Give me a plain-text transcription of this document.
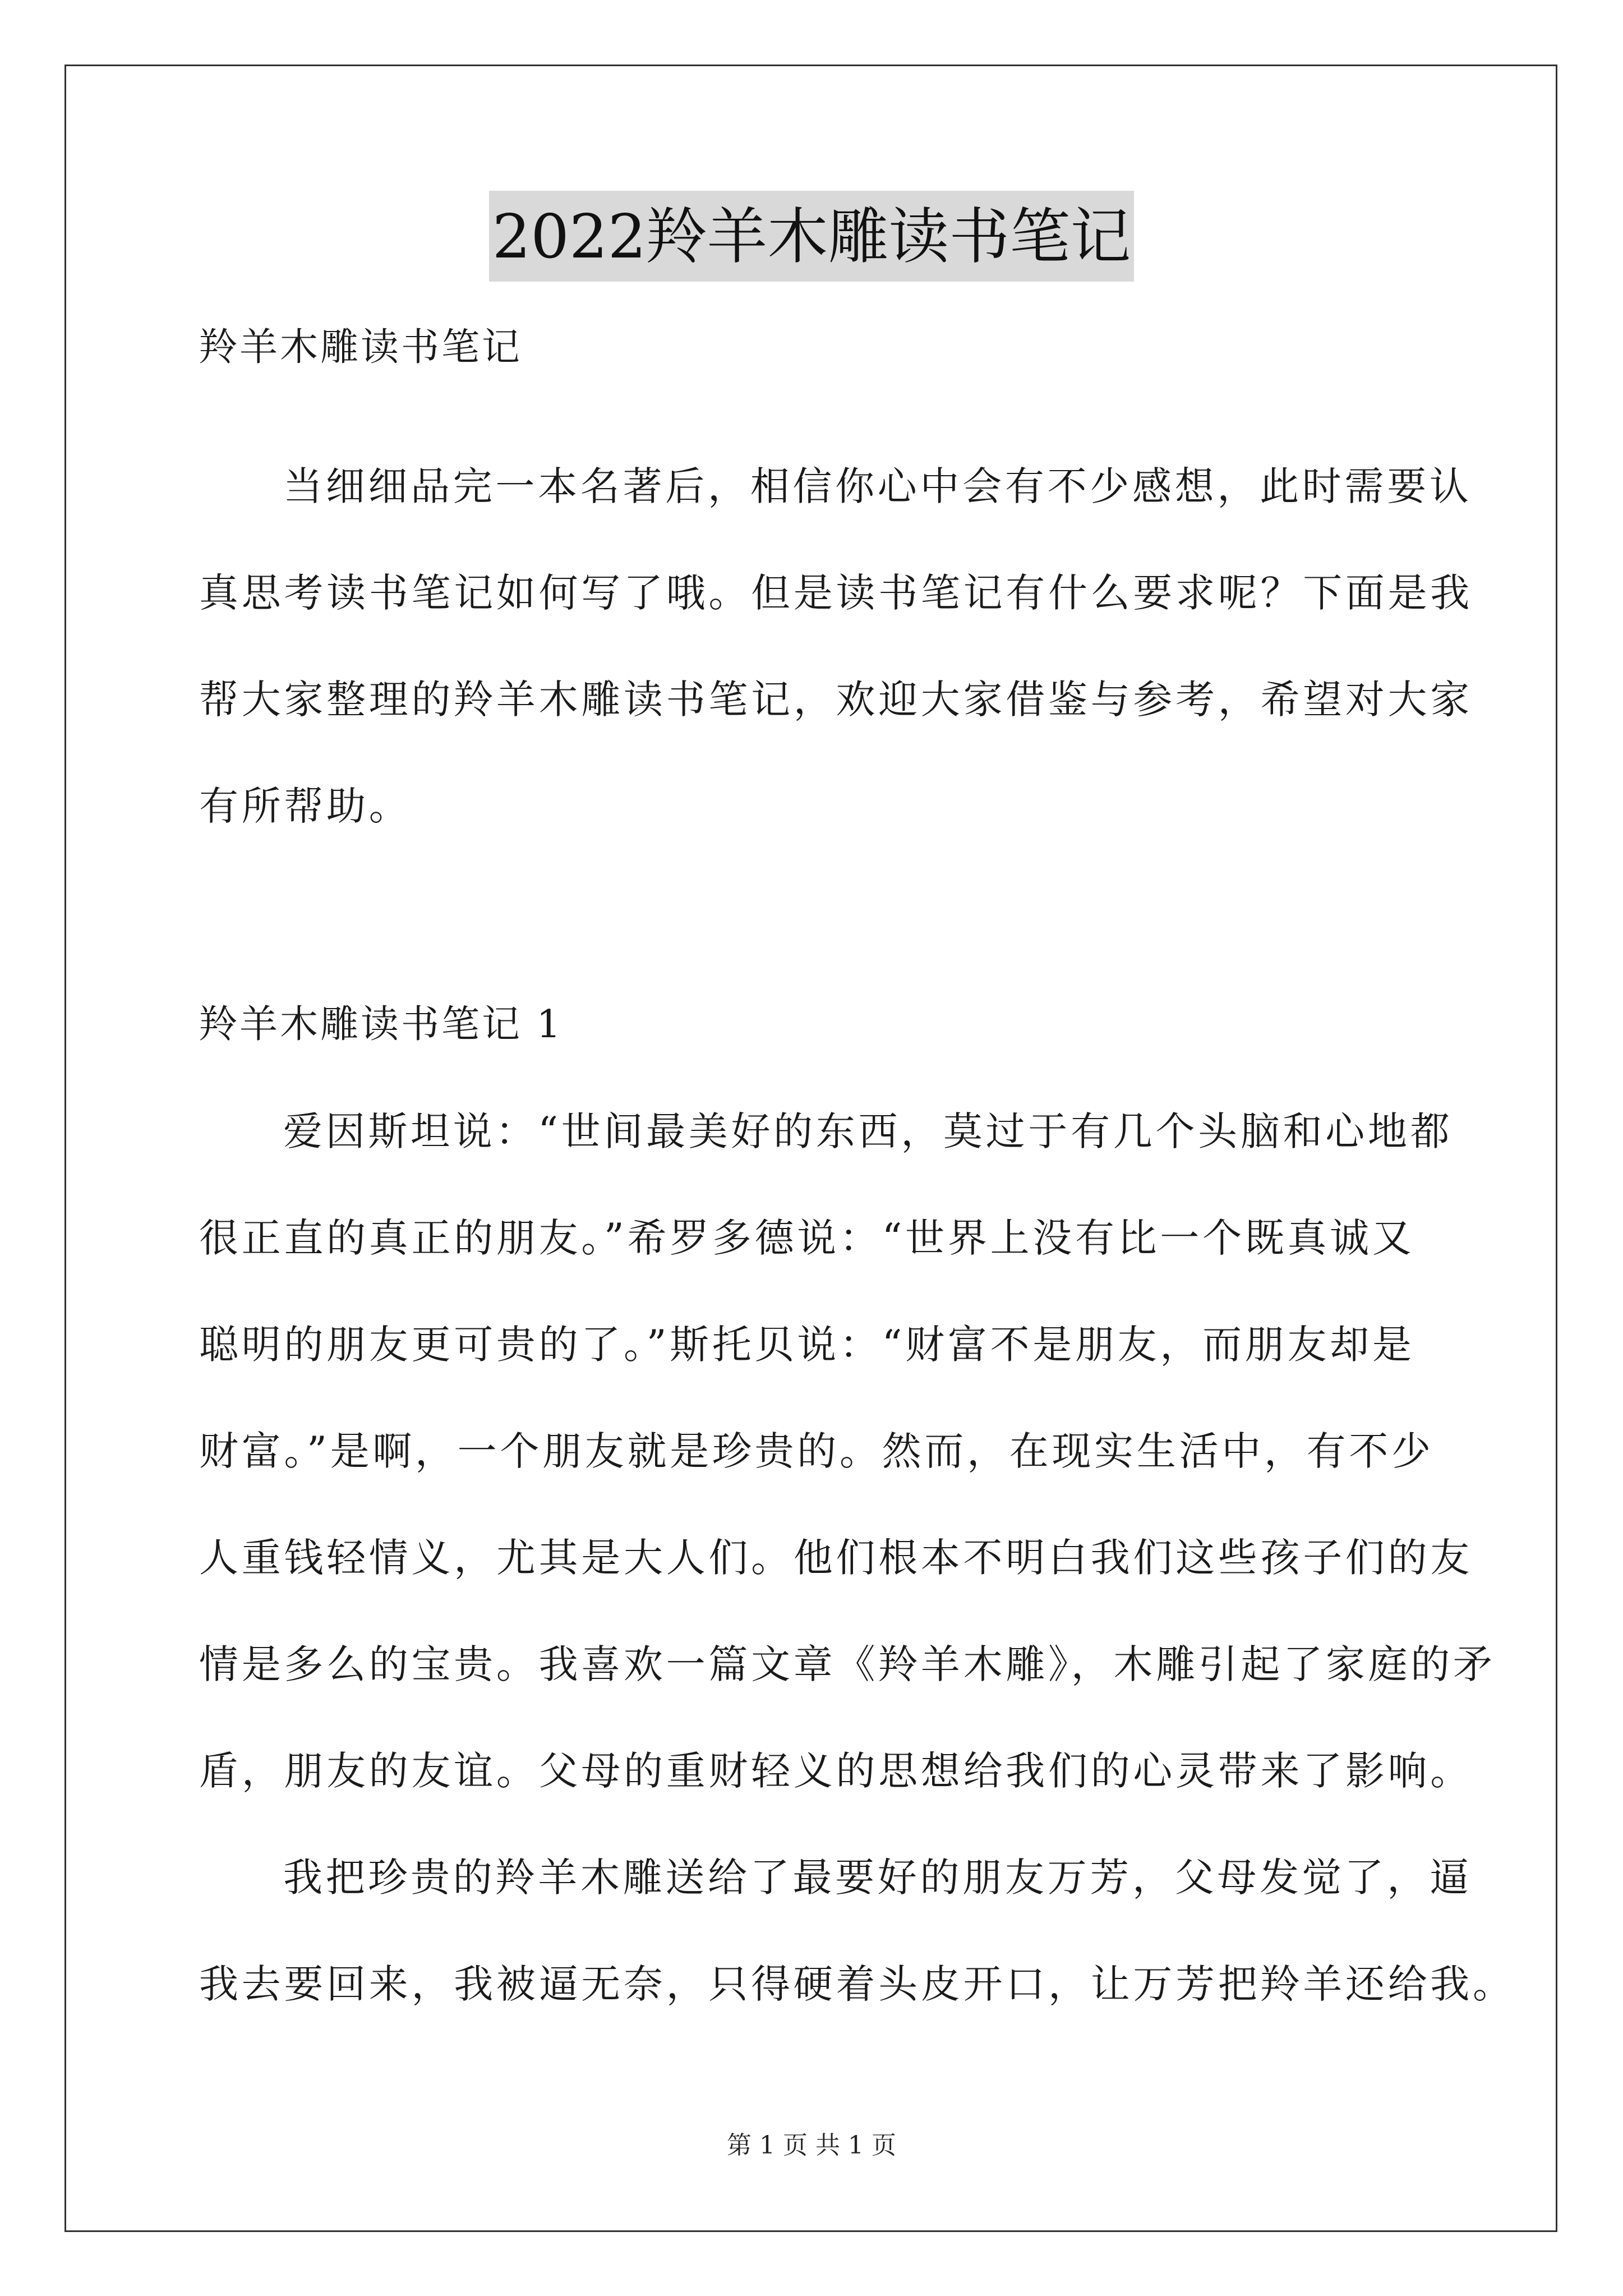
2022羚羊木雕读书笔记
羚羊木雕读书笔记
当细细品完一本名著后，相信你心中会有不少感想，此时需要认
真思考读书笔记如何写了哦。但是读书笔记有什么要求呢？下面是我
帮大家整理的羚羊木雕读书笔记，欢迎大家借鉴与参考，希望对大家
有所帮助。
羚羊木雕读书笔记 1
爱因斯坦说：“世间最美好的东西，莫过于有几个头脑和心地都
很正直的真正的朋友。”希罗多德说：“世界上没有比一个既真诚又
聪明的朋友更可贵的了。”斯托贝说：“财富不是朋友，而朋友却是
财富。”是啊，一个朋友就是珍贵的。然而，在现实生活中，有不少
人重钱轻情义，尤其是大人们。他们根本不明白我们这些孩子们的友
情是多么的宝贵。我喜欢一篇文章《羚羊木雕》，木雕引起了家庭的矛
盾，朋友的友谊。父母的重财轻义的思想给我们的心灵带来了影响。
我把珍贵的羚羊木雕送给了最要好的朋友万芳，父母发觉了，逼
我去要回来，我被逼无奈，只得硬着头皮开口，让万芳把羚羊还给我。
第 1 页 共 1 页
